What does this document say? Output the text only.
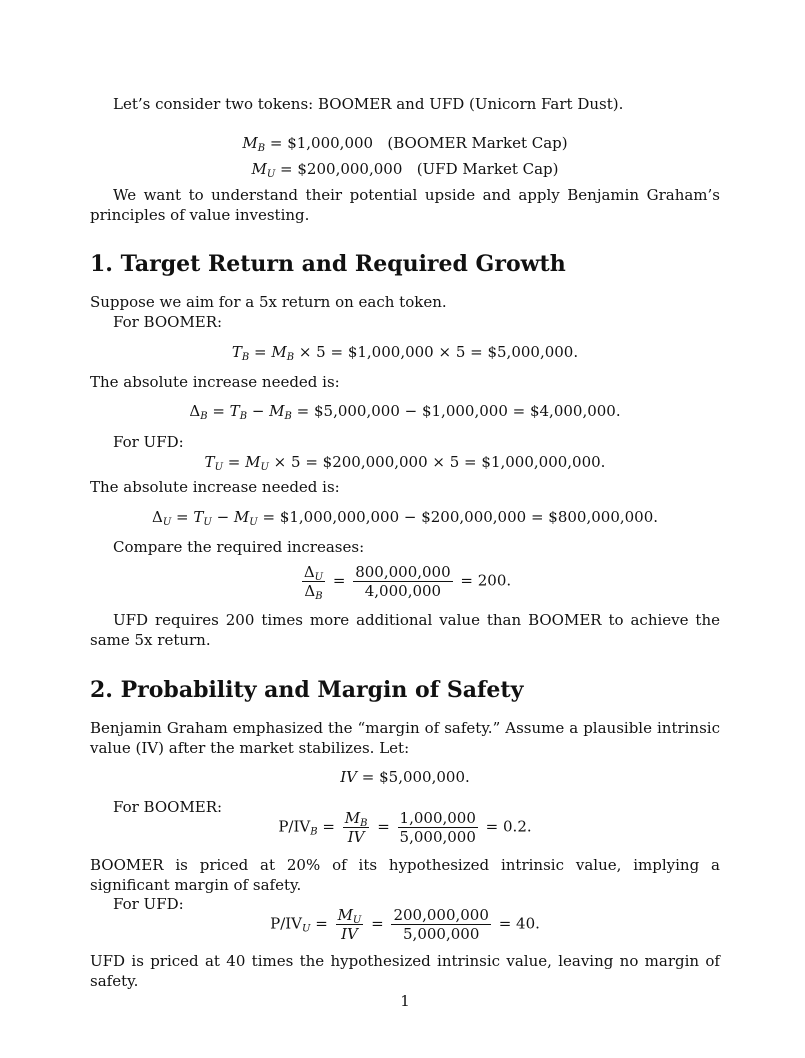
Let’s consider two tokens: BOOMER and UFD (Unicorn Fart Dust).
$M_B$ = $1,000,000 (BOOMER Market Cap)
$M_U$ = $200,000,000 (UFD Market Cap)
We want to understand their potential upside and apply Benjamin Graham’s principles of value investing.
1. Target Return and Required Growth
Suppose we aim for a 5x return on each token.
For BOOMER:
$T_B = M_B \times 5$ = $1,000,000 × 5 = $5,000,000.
The absolute increase needed is:
$\Delta_B = T_B - M_B$ = $5,000,000 − $1,000,000 = $4,000,000.
For UFD:
$T_U = M_U \times 5$ = $200,000,000 × 5 = $1,000,000,000.
The absolute increase needed is:
$\Delta_U = T_U - M_U$ = $1,000,000,000 − $200,000,000 = $800,000,000.
Compare the required increases:
$\frac{\Delta_U}{\Delta_B} = \frac{800,000,000}{4,000,000} = 200$.
UFD requires 200 times more additional value than BOOMER to achieve the same 5x return.
2. Probability and Margin of Safety
Benjamin Graham emphasized the “margin of safety.” Assume a plausible intrinsic value (IV) after the market stabilizes. Let:
IV = $5,000,000.
For BOOMER:
$P/IV_B = \frac{M_B}{IV} = \frac{1,000,000}{5,000,000} = 0.2$.
BOOMER is priced at 20% of its hypothesized intrinsic value, implying a significant margin of safety.
For UFD:
$P/IV_U = \frac{M_U}{IV} = \frac{200,000,000}{5,000,000} = 40$.
UFD is priced at 40 times the hypothesized intrinsic value, leaving no margin of safety.
1
